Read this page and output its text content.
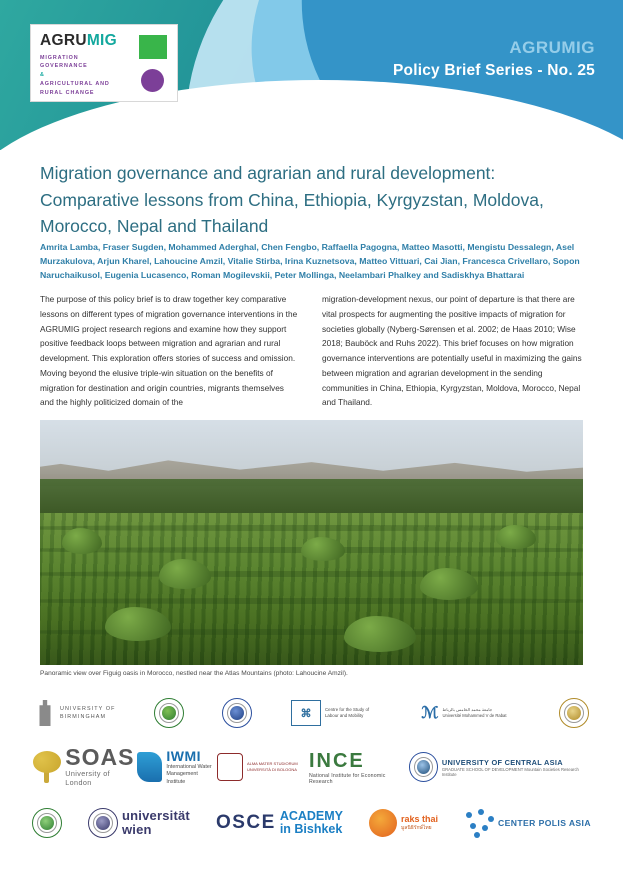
AGRUMIG
MIGRATION GOVERNANCE
&
AGRICULTURAL AND
RURAL CHANGE
AGRUMIG
Policy Brief Series - No. 25
Migration governance and agrarian and rural development: Comparative lessons from China, Ethiopia, Kyrgyzstan, Moldova, Morocco, Nepal and Thailand
Amrita Lamba, Fraser Sugden, Mohammed Aderghal, Chen Fengbo, Raffaella Pagogna, Matteo Masotti, Mengistu Dessalegn, Asel Murzakulova, Arjun Kharel, Lahoucine Amzil, Vitalie Stirba, Irina Kuznetsova, Matteo Vittuari, Cai Jian, Francesca Crivellaro, Sopon Naruchaikusol, Eugenia Lucasenco, Roman Mogilevskii, Peter Mollinga, Neelambari Phalkey and Sadiskhya Bhattarai
The purpose of this policy brief is to draw together key comparative lessons on different types of migration governance interventions in the AGRUMIG project research regions and examine how they support positive feedback loops between migration and agrarian and rural development. This exploration offers stories of success and omission. Moving beyond the elusive triple-win situation on the benefits of migration for destination and origin countries, migrants themselves and the highly politicized domain of the
migration-development nexus, our point of departure is that there are vital prospects for augmenting the positive impacts of migration for societies globally (Nyberg-Sørensen et al. 2002; de Haas 2010; Wise 2018; Bauböck and Ruhs 2022). This brief focuses on how migration governance interventions are potentially useful in maximizing the gains between migration and agrarian development in the sending communities in China, Ethiopia, Kyrgyzstan, Moldova, Morocco, Nepal and Thailand.
Panoramic view over Figuig oasis in Morocco, nestled near the Atlas Mountains (photo: Lahoucine Amzil).
UNIVERSITY OF
BIRMINGHAM	⌘	Centre for the Study of
Labour and Mobility	ℳ جامعة محمد الخامس بالرباط
Université Mohammed V de Rabat
SOAS
University of London
IWMI
International Water
Management Institute
ALMA MATER STUDIORUM
UNIVERSITÀ DI BOLOGNA INCE
National Institute for Economic Research
UNIVERSITY OF CENTRAL ASIA
GRADUATE SCHOOL OF DEVELOPMENT Mountain Societies Research Institute
universität
wien	OSCE ACADEMY
in Bishkek
raks thai
มูลนิธิรักษ์ไทย	CENTER POLIS ASIA
